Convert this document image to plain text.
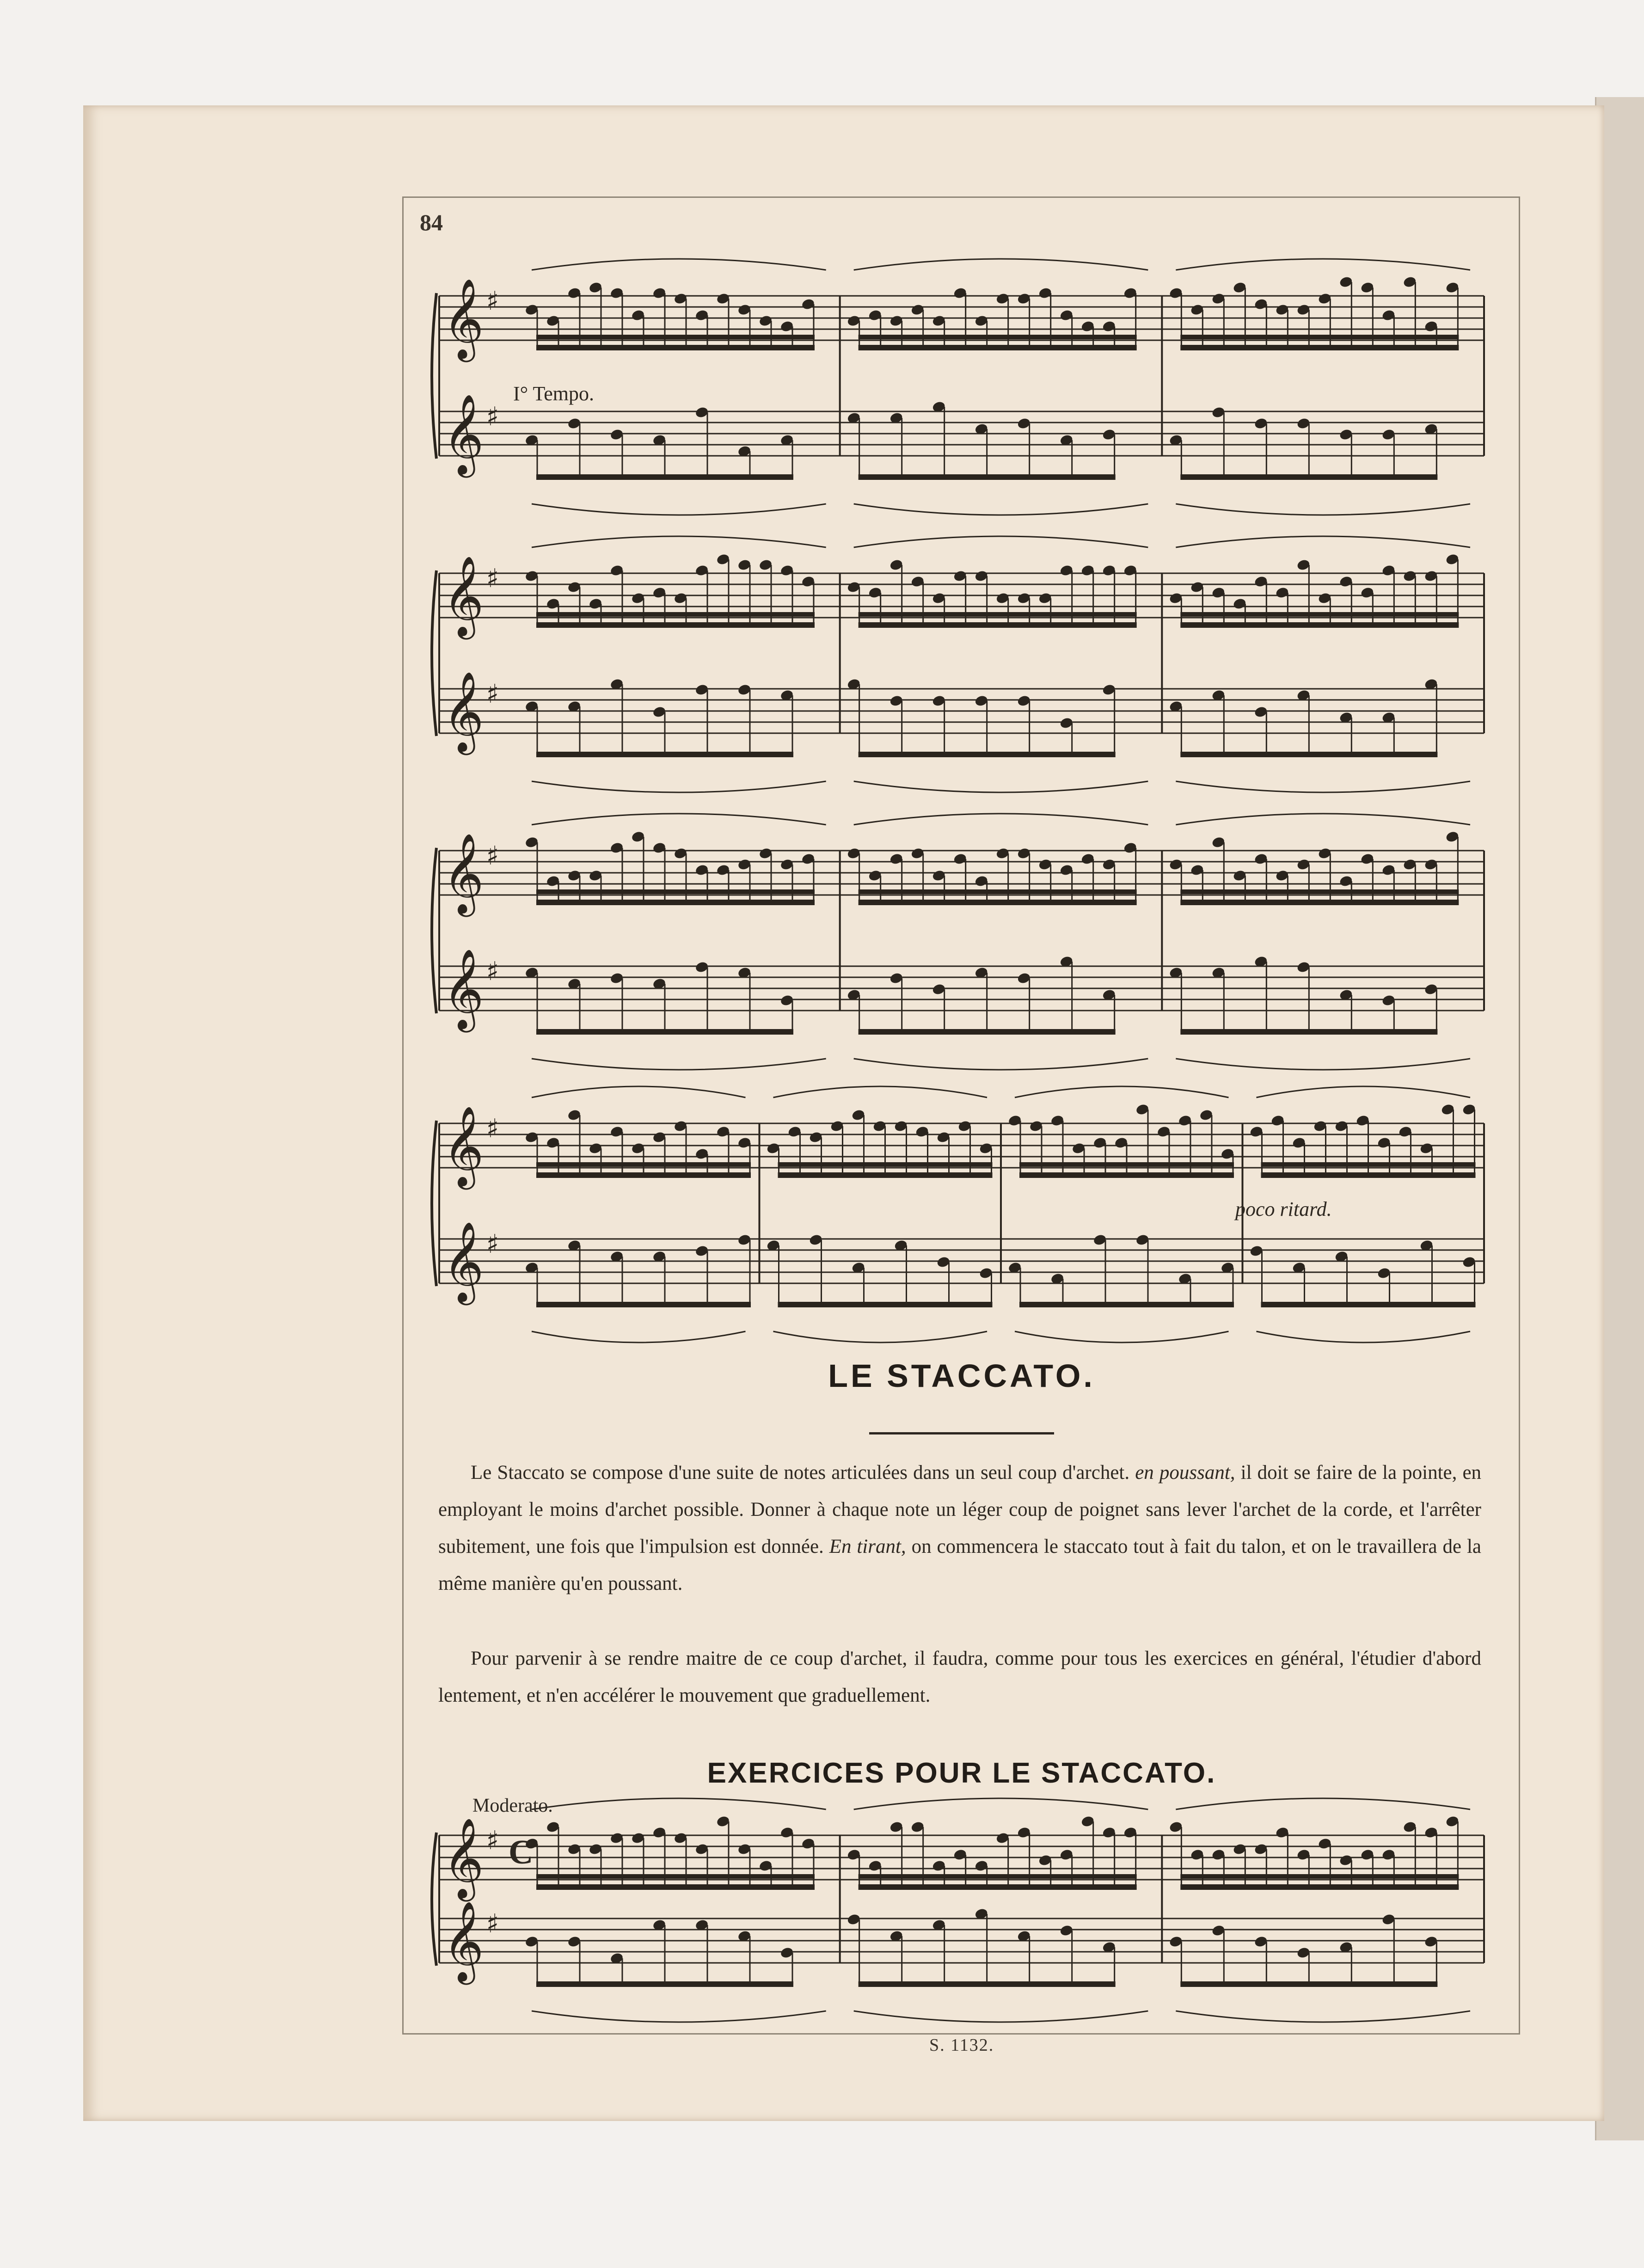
84
𝄞 ♯
𝄞 ♯
𝄞 ♯
𝄞 ♯
𝄞 ♯
𝄞 ♯
𝄞 ♯
𝄞 ♯
𝄞 ♯
𝄞 ♯
I° Tempo.
poco ritard.
LE STACCATO.
Le Staccato se compose d'une suite de notes articulées dans un seul coup d'archet. en poussant, il doit se faire de la pointe, en employant le moins d'archet possible. Donner à chaque note un léger coup de poignet sans lever l'archet de la corde, et l'arrêter subitement, une fois que l'impulsion est donnée. En tirant, on commencera le staccato tout à fait du talon, et on le travaillera de la même manière qu'en poussant.
Pour parvenir à se rendre maitre de ce coup d'archet, il faudra, comme pour tous les exercices en général, l'étudier d'abord lentement, et n'en accélérer le mouvement que graduellement.
EXERCICES POUR LE STACCATO.
Moderato.
C
S. 1132.
